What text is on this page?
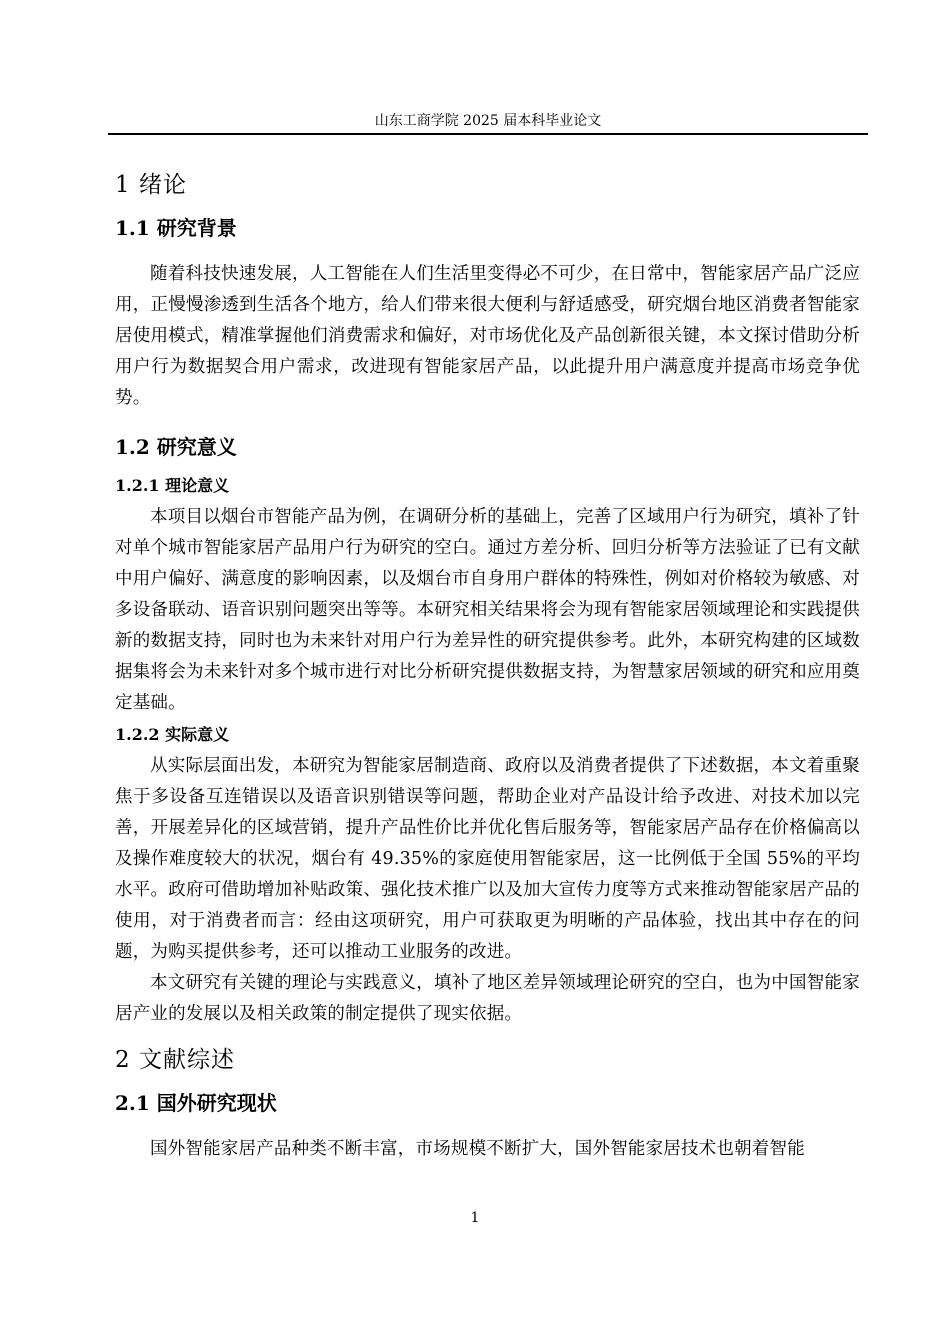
山东工商学院 2025 届本科毕业论文
1 绪论
1.1 研究背景

随着科技快速发展，人工智能在人们生活里变得必不可少，在日常中，智能家居产品广泛应用，正慢慢渗透到生活各个地方，给人们带来很大便利与舒适感受，研究烟台地区消费者智能家居使用模式，精准掌握他们消费需求和偏好，对市场优化及产品创新很关键，本文探讨借助分析用户行为数据契合用户需求，改进现有智能家居产品，以此提升用户满意度并提高市场竞争优势。

1.2 研究意义
1.2.1 理论意义

本项目以烟台市智能产品为例，在调研分析的基础上，完善了区域用户行为研究，填补了针对单个城市智能家居产品用户行为研究的空白。通过方差分析、回归分析等方法验证了已有文献中用户偏好、满意度的影响因素，以及烟台市自身用户群体的特殊性，例如对价格较为敏感、对多设备联动、语音识别问题突出等等。本研究相关结果将会为现有智能家居领域理论和实践提供新的数据支持，同时也为未来针对用户行为差异性的研究提供参考。此外，本研究构建的区域数据集将会为未来针对多个城市进行对比分析研究提供数据支持，为智慧家居领域的研究和应用奠定基础。

1.2.2 实际意义

从实际层面出发，本研究为智能家居制造商、政府以及消费者提供了下述数据，本文着重聚焦于多设备互连错误以及语音识别错误等问题，帮助企业对产品设计给予改进、对技术加以完善，开展差异化的区域营销，提升产品性价比并优化售后服务等，智能家居产品存在价格偏高以及操作难度较大的状况，烟台有 49.35%的家庭使用智能家居，这一比例低于全国 55%的平均水平。政府可借助增加补贴政策、强化技术推广以及加大宣传力度等方式来推动智能家居产品的使用，对于消费者而言：经由这项研究，用户可获取更为明晰的产品体验，找出其中存在的问题，为购买提供参考，还可以推动工业服务的改进。

本文研究有关键的理论与实践意义，填补了地区差异领域理论研究的空白，也为中国智能家居产业的发展以及相关政策的制定提供了现实依据。

2 文献综述
2.1 国外研究现状

国外智能家居产品种类不断丰富，市场规模不断扩大，国外智能家居技术也朝着智能

1
